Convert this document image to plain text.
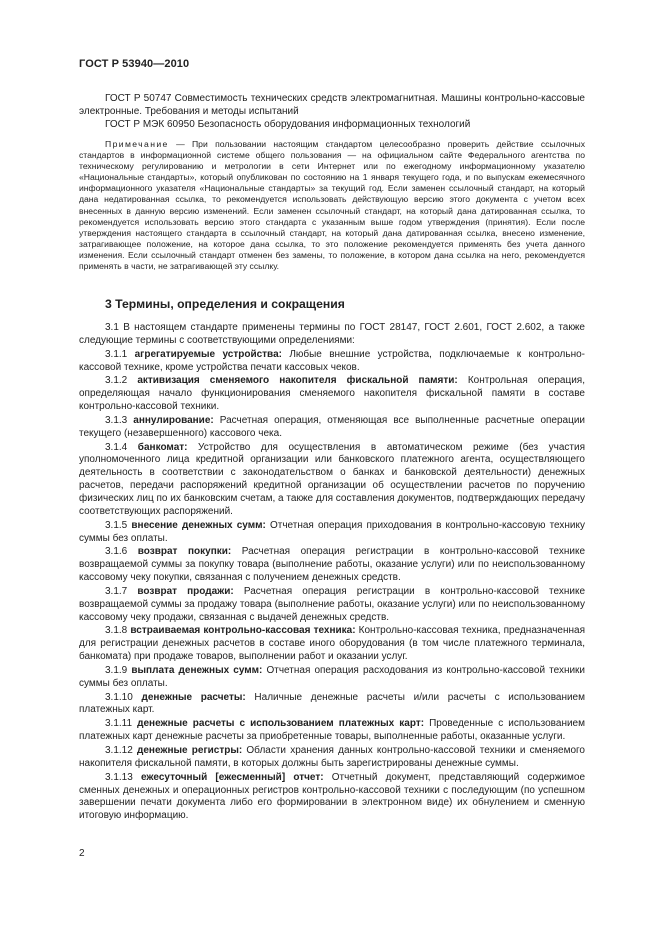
ГОСТ Р 53940—2010

ГОСТ Р 50747 Совместимость технических средств электромагнитная. Машины контрольно-кассовые электронные. Требования и методы испытаний

ГОСТ Р МЭК 60950 Безопасность оборудования информационных технологий

Примечание — При пользовании настоящим стандартом целесообразно проверить действие ссылочных стандартов в информационной системе общего пользования — на официальном сайте Федерального агентства по техническому регулированию и метрологии в сети Интернет или по ежегодному информационному указателю «Национальные стандарты», который опубликован по состоянию на 1 января текущего года, и по выпускам ежемесячного информационного указателя «Национальные стандарты» за текущий год. Если заменен ссылочный стандарт, на который дана недатированная ссылка, то рекомендуется использовать действующую версию этого документа с учетом всех внесенных в данную версию изменений. Если заменен ссылочный стандарт, на который дана датированная ссылка, то рекомендуется использовать версию этого стандарта с указанным выше годом утверждения (принятия). Если после утверждения настоящего стандарта в ссылочный стандарт, на который дана датированная ссылка, внесено изменение, затрагивающее положение, на которое дана ссылка, то это положение рекомендуется применять без учета данного изменения. Если ссылочный стандарт отменен без замены, то положение, в котором дана ссылка на него, рекомендуется применять в части, не затрагивающей эту ссылку.

3 Термины, определения и сокращения

3.1 В настоящем стандарте применены термины по ГОСТ 28147, ГОСТ 2.601, ГОСТ 2.602, а также следующие термины с соответствующими определениями:

3.1.1 агрегатируемые устройства: Любые внешние устройства, подключаемые к контрольно-кассовой технике, кроме устройства печати кассовых чеков.

3.1.2 активизация сменяемого накопителя фискальной памяти: Контрольная операция, определяющая начало функционирования сменяемого накопителя фискальной памяти в составе контрольно-кассовой техники.

3.1.3 аннулирование: Расчетная операция, отменяющая все выполненные расчетные операции текущего (незавершенного) кассового чека.

3.1.4 банкомат: Устройство для осуществления в автоматическом режиме (без участия уполномоченного лица кредитной организации или банковского платежного агента, осуществляющего деятельность в соответствии с законодательством о банках и банковской деятельности) денежных расчетов, передачи распоряжений кредитной организации об осуществлении расчетов по поручению физических лиц по их банковским счетам, а также для составления документов, подтверждающих передачу соответствующих распоряжений.

3.1.5 внесение денежных сумм: Отчетная операция приходования в контрольно-кассовую технику суммы без оплаты.

3.1.6 возврат покупки: Расчетная операция регистрации в контрольно-кассовой технике возвращаемой суммы за покупку товара (выполнение работы, оказание услуги) или по неиспользованному кассовому чеку покупки, связанная с получением денежных средств.

3.1.7 возврат продажи: Расчетная операция регистрации в контрольно-кассовой технике возвращаемой суммы за продажу товара (выполнение работы, оказание услуги) или по неиспользованному кассовому чеку продажи, связанная с выдачей денежных средств.

3.1.8 встраиваемая контрольно-кассовая техника: Контрольно-кассовая техника, предназначенная для регистрации денежных расчетов в составе иного оборудования (в том числе платежного терминала, банкомата) при продаже товаров, выполнении работ и оказании услуг.

3.1.9 выплата денежных сумм: Отчетная операция расходования из контрольно-кассовой техники суммы без оплаты.

3.1.10 денежные расчеты: Наличные денежные расчеты и/или расчеты с использованием платежных карт.

3.1.11 денежные расчеты с использованием платежных карт: Проведенные с использованием платежных карт денежные расчеты за приобретенные товары, выполненные работы, оказанные услуги.

3.1.12 денежные регистры: Области хранения данных контрольно-кассовой техники и сменяемого накопителя фискальной памяти, в которых должны быть зарегистрированы денежные суммы.

3.1.13 ежесуточный [ежесменный] отчет: Отчетный документ, представляющий содержимое сменных денежных и операционных регистров контрольно-кассовой техники с последующим (по успешном завершении печати документа либо его формировании в электронном виде) их обнулением и сменную итоговую информацию.

2
